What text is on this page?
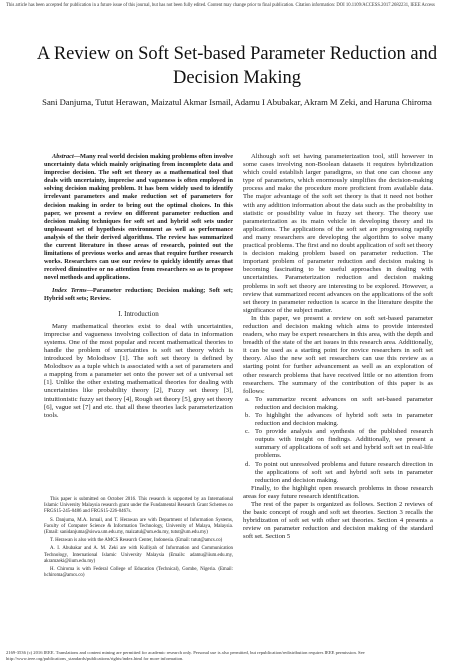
This article has been accepted for publication in a future issue of this journal, but has not been fully edited. Content may change prior to final publication. Citation information: DOI 10.1109/ACCESS.2017.2682231, IEEE Access
A Review on Soft Set-based Parameter Reduction and Decision Making
Sani Danjuma, Tutut Herawan, Maizatul Akmar Ismail, Adamu I Abubakar, Akram M Zeki, and Haruna Chiroma

Abstract—Many real world decision making problems often involve uncertainty data which mainly originating from incomplete data and imprecise decision. The soft set theory as a mathematical tool that deals with uncertainty, imprecise and vagueness is often employed in solving decision making problem. It has been widely used to identify irrelevant parameters and make reduction set of parameters for decision making in order to bring out the optimal choices. In this paper, we present a review on different parameter reduction and decision making techniques for soft set and hybrid soft sets under unpleasant set of hypothesis environment as well as performance analysis of the their derived algorithms. The review has summarized the current literature in those areas of research, pointed out the limitations of previous works and areas that require further research works. Researchers can use our review to quickly identify areas that received diminutive or no attention from researchers so as to propose novel methods and applications.

Index Terms—Parameter reduction; Decision making; Soft set; Hybrid soft sets; Review.

I. Introduction

Many mathematical theories exist to deal with uncertainties, imprecise and vagueness involving collection of data in information systems. One of the most popular and recent mathematical theories to handle the problem of uncertainties is soft set theory which is introduced by Molodtsov [1]. The soft set theory is defined by Molodtsov as a tuple which is associated with a set of parameters and a mapping from a parameter set onto the power set of a universal set [1]. Unlike the other existing mathematical theories for dealing with uncertainties like probability theory [2], Fuzzy set theory [3], intuitionistic fuzzy set theory [4], Rough set theory [5], grey set theory [6], vague set [7] and etc. that all these theories lack parameterization tools.

This paper is submitted on October 2016. This research is supported by an International Islamic University Malaysia research grant under the Fundamental Research Grant Schemes no FRGS15-245-0486 and FRGS15-226-0467s.

S. Danjuma, M.A. Ismail, and T. Herawan are with Department of Information Systems, Faculty of Computer Science & Information Technology, University of Malaya, Malaysia. (Email: sanidanjuma@siswa.um.edu.my, maizatul@um.edu.my, tutut@um.edu.my)

T. Herawan is also with the AMCS Research Center, Indonesia. (Email: tutut@amcs.co)

A. I. Abubakar and A. M. Zeki are with Kulliyah of Information and Communication Technology, International Islamic University Malaysia (Emails: adamu@iium.edu.my, akramzeki@iium.edu.my)

H. Chiroma is with Federal College of Education (Technical), Gombe, Nigeria. (Email: hchiroma@amcs.co)

Although soft set having parameterization tool, still however in some cases involving non-Boolean datasets it requires hybridization which could establish larger paradigms, so that one can choose any type of parameters, which enormously simplifies the decision-making process and make the procedure more proficient from available data. The major advantage of the soft set theory is that it need not bother with any addition information about the data such as the probability in statistic or possibility value in fuzzy set theory. The theory use parameterization as its main vehicle in developing theory and its applications. The applications of the soft set are progressing rapidly and many researchers are developing the algorithm to solve many practical problems. The first and no doubt application of soft set theory is decision making problem based on parameter reduction. The important problem of parameter reduction and decision making is becoming fascinating to be useful approaches in dealing with uncertainties. Parameterization reduction and decision making problems in soft set theory are interesting to be explored. However, a review that summarized recent advances on the applications of the soft set theory in parameter reduction is scarce in the literature despite the significance of the subject matter.

In this paper, we present a review on soft set-based parameter reduction and decision making which aims to provide interested readers, who may be expert researchers in this area, with the depth and breadth of the state of the art issues in this research area. Additionally, it can be used as a starting point for novice researchers in soft set theory. Also the new soft set researchers can use this review as a starting point for further advancement as well as an exploration of other research problems that have received little or no attention from researchers. The summary of the contribution of this paper is as follows:

a. To summarize recent advances on soft set-based parameter reduction and decision making.
b. To highlight the advances of hybrid soft sets in parameter reduction and decision making.
c. To provide analysis and synthesis of the published research outputs with insight on findings. Additionally, we present a summary of applications of soft set and hybrid soft set in real-life problems.
d. To point out unresolved problems and future research direction in the applications of soft set and hybrid soft sets in parameter reduction and decision making.

Finally, to the highlight open research problems in those research areas for easy future research identification.

The rest of the paper is organized as follows. Section 2 reviews of the basic concept of rough and soft set theories. Section 3 recalls the hybridization of soft set with other set theories. Section 4 presents a review on parameter reduction and decision making of the standard soft set. Section 5

2169-3536 (c) 2016 IEEE. Translations and content mining are permitted for academic research only. Personal use is also permitted, but republication/redistribution requires IEEE permission. See http://www.ieee.org/publications_standards/publications/rights/index.html for more information.
